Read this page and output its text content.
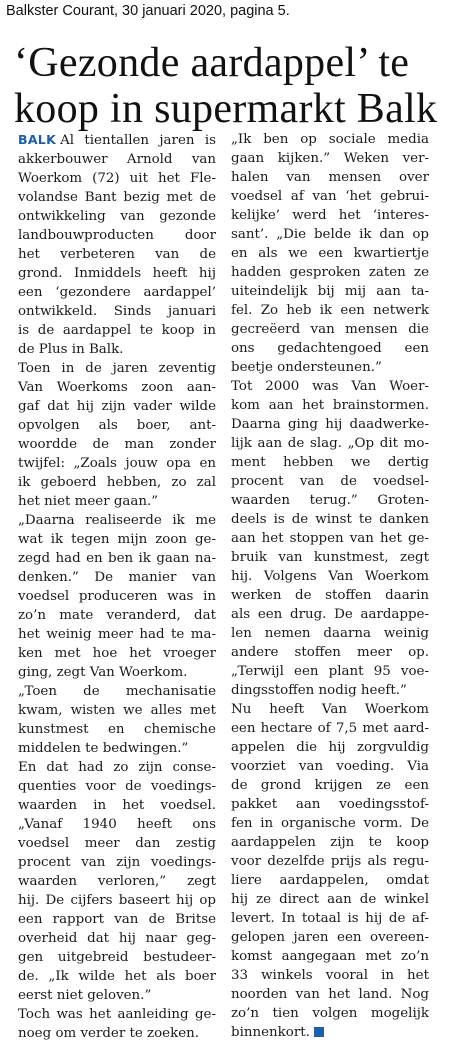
Balkster Courant, 30 januari 2020, pagina 5.
‘Gezonde aardappel’ te
koop in supermarkt Balk
BALK Al tientallen jaren is
akkerbouwer Arnold van
Woerkom (72) uit het Fle-
volandse Bant bezig met de
ontwikkeling van gezonde
landbouwproducten door
het verbeteren van de
grond. Inmiddels heeft hij
een ‘gezondere aardappel’
ontwikkeld. Sinds januari
is de aardappel te koop in
de Plus in Balk.
Toen in de jaren zeventig
Van Woerkoms zoon aan-
gaf dat hij zijn vader wilde
opvolgen als boer, ant-
woordde de man zonder
twijfel: „Zoals jouw opa en
ik geboerd hebben, zo zal
het niet meer gaan.”
„Daarna realiseerde ik me
wat ik tegen mijn zoon ge-
zegd had en ben ik gaan na-
denken.” De manier van
voedsel produceren was in
zo’n mate veranderd, dat
het weinig meer had te ma-
ken met hoe het vroeger
ging, zegt Van Woerkom.
„Toen de mechanisatie
kwam, wisten we alles met
kunstmest en chemische
middelen te bedwingen.”
En dat had zo zijn conse-
quenties voor de voedings-
waarden in het voedsel.
„Vanaf 1940 heeft ons
voedsel meer dan zestig
procent van zijn voedings-
waarden verloren,” zegt
hij. De cijfers baseert hij op
een rapport van de Britse
overheid dat hij naar geg-
gen uitgebreid bestudeer-
de. „Ik wilde het als boer
eerst niet geloven.”
Toch was het aanleiding ge-
noeg om verder te zoeken.
„Ik ben op sociale media
gaan kijken.” Weken ver-
halen van mensen over
voedsel af van ‘het gebrui-
kelijke’ werd het ‘interes-
sant’. „Die belde ik dan op
en als we een kwartiertje
hadden gesproken zaten ze
uiteindelijk bij mij aan ta-
fel. Zo heb ik een netwerk
gecreëerd van mensen die
ons gedachtengoed een
beetje ondersteunen.”
Tot 2000 was Van Woer-
kom aan het brainstormen.
Daarna ging hij daadwerke-
lijk aan de slag. „Op dit mo-
ment hebben we dertig
procent van de voedsel-
waarden terug.” Groten-
deels is de winst te danken
aan het stoppen van het ge-
bruik van kunstmest, zegt
hij. Volgens Van Woerkom
werken de stoffen daarin
als een drug. De aardappe-
len nemen daarna weinig
andere stoffen meer op.
„Terwijl een plant 95 voe-
dingsstoffen nodig heeft.”
Nu heeft Van Woerkom
een hectare of 7,5 met aard-
appelen die hij zorgvuldig
voorziet van voeding. Via
de grond krijgen ze een
pakket aan voedingsstof-
fen in organische vorm. De
aardappelen zijn te koop
voor dezelfde prijs als regu-
liere aardappelen, omdat
hij ze direct aan de winkel
levert. In totaal is hij de af-
gelopen jaren een overeen-
komst aangegaan met zo’n
33 winkels vooral in het
noorden van het land. Nog
zo’n tien volgen mogelijk
binnenkort.
